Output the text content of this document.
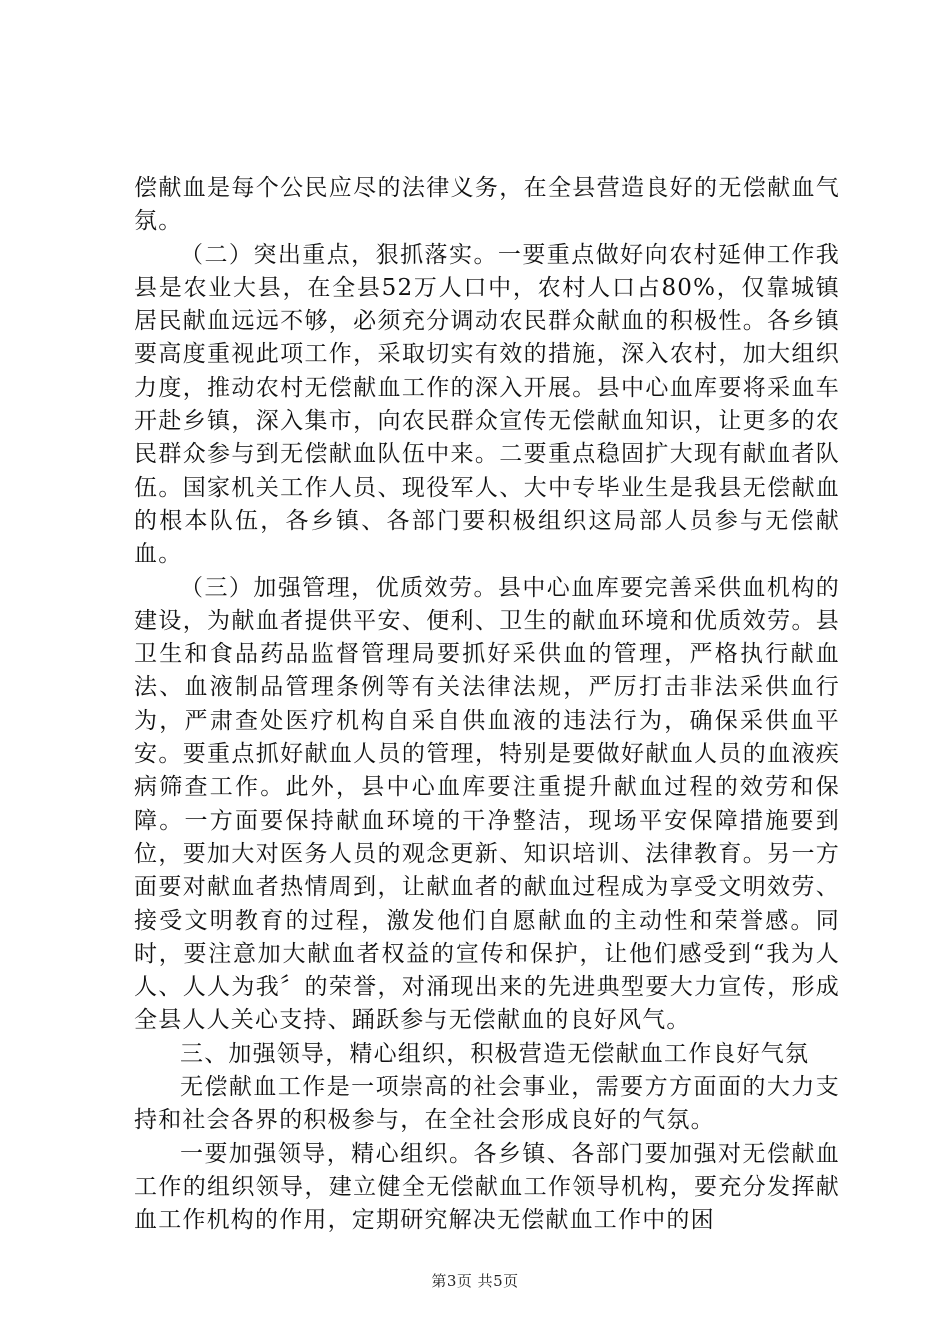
偿献血是每个公民应尽的法律义务，在全县营造良好的无偿献血气氛。

（二）突出重点，狠抓落实。一要重点做好向农村延伸工作我县是农业大县，在全县52万人口中，农村人口占80%，仅靠城镇居民献血远远不够，必须充分调动农民群众献血的积极性。各乡镇要高度重视此项工作，采取切实有效的措施，深入农村，加大组织力度，推动农村无偿献血工作的深入开展。县中心血库要将采血车开赴乡镇，深入集市，向农民群众宣传无偿献血知识，让更多的农民群众参与到无偿献血队伍中来。二要重点稳固扩大现有献血者队伍。国家机关工作人员、现役军人、大中专毕业生是我县无偿献血的根本队伍，各乡镇、各部门要积极组织这局部人员参与无偿献血。

（三）加强管理，优质效劳。县中心血库要完善采供血机构的建设，为献血者提供平安、便利、卫生的献血环境和优质效劳。县卫生和食品药品监督管理局要抓好采供血的管理，严格执行献血法、血液制品管理条例等有关法律法规，严厉打击非法采供血行为，严肃查处医疗机构自采自供血液的违法行为，确保采供血平安。要重点抓好献血人员的管理，特别是要做好献血人员的血液疾病筛查工作。此外，县中心血库要注重提升献血过程的效劳和保障。一方面要保持献血环境的干净整洁，现场平安保障措施要到位，要加大对医务人员的观念更新、知识培训、法律教育。另一方面要对献血者热情周到，让献血者的献血过程成为享受文明效劳、接受文明教育的过程，激发他们自愿献血的主动性和荣誉感。同时，要注意加大献血者权益的宣传和保护，让他们感受到“我为人人、人人为我〞的荣誉，对涌现出来的先进典型要大力宣传，形成全县人人关心支持、踊跃参与无偿献血的良好风气。

三、加强领导，精心组织，积极营造无偿献血工作良好气氛

无偿献血工作是一项崇高的社会事业，需要方方面面的大力支持和社会各界的积极参与，在全社会形成良好的气氛。

一要加强领导，精心组织。各乡镇、各部门要加强对无偿献血工作的组织领导，建立健全无偿献血工作领导机构，要充分发挥献血工作机构的作用，定期研究解决无偿献血工作中的困

第3页 共5页
